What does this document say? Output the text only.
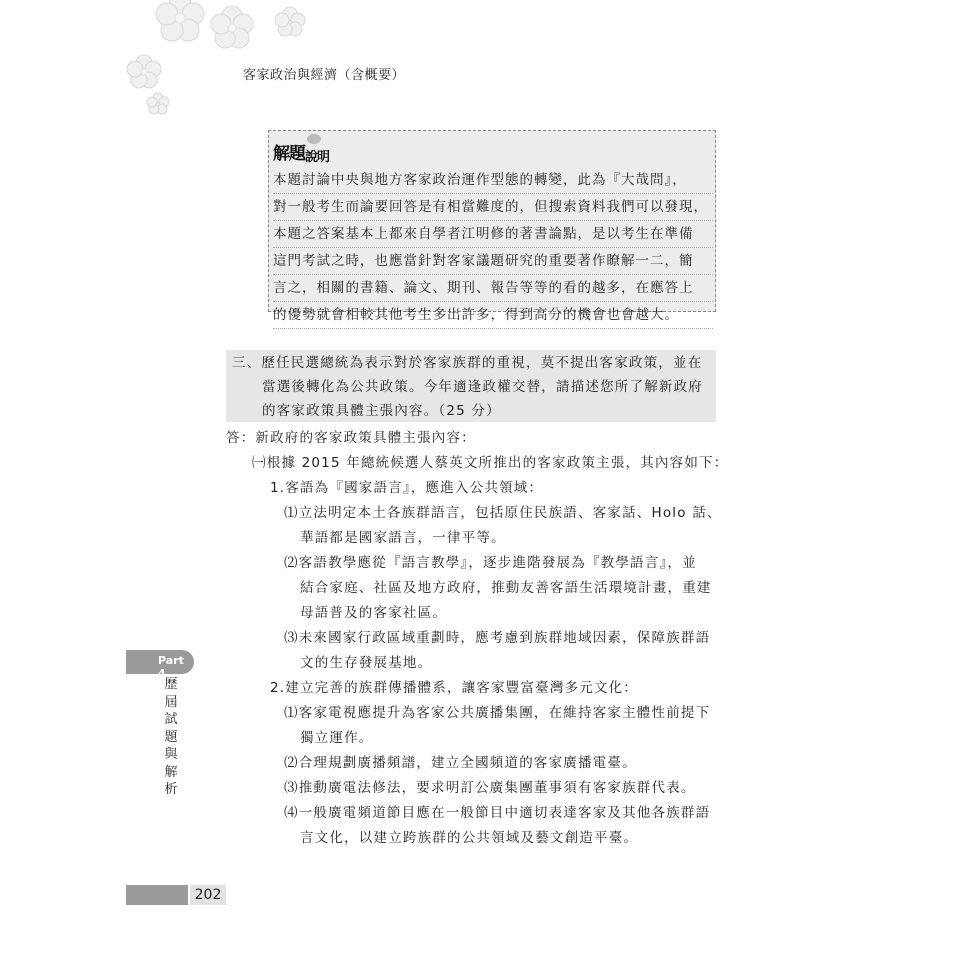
客家政治與經濟（含概要）
解題說明
本題討論中央與地方客家政治運作型態的轉變，此為『大哉問』，
對一般考生而論要回答是有相當難度的，但搜索資料我們可以發現，
本題之答案基本上都來自學者江明修的著書論點，是以考生在準備
這門考試之時，也應當針對客家議題研究的重要著作瞭解一二，簡
言之，相關的書籍、論文、期刊、報告等等的看的越多，在應答上
的優勢就會相較其他考生多出許多，得到高分的機會也會越大。
三、歷任民選總統為表示對於客家族群的重視，莫不提出客家政策，並在
當選後轉化為公共政策。今年適逢政權交替，請描述您所了解新政府
的客家政策具體主張內容。（25 分）
答：新政府的客家政策具體主張內容：
㈠根據 2015 年總統候選人蔡英文所推出的客家政策主張，其內容如下：
1.客語為『國家語言』，應進入公共領域：
⑴立法明定本土各族群語言，包括原住民族語、客家話、Holo 話、
華語都是國家語言，一律平等。
⑵客語教學應從『語言教學』，逐步進階發展為『教學語言』，並
結合家庭、社區及地方政府，推動友善客語生活環境計畫，重建
母語普及的客家社區。
⑶未來國家行政區域重劃時，應考慮到族群地域因素，保障族群語
文的生存發展基地。
2.建立完善的族群傳播體系，讓客家豐富臺灣多元文化：
⑴客家電視應提升為客家公共廣播集團，在維持客家主體性前提下
獨立運作。
⑵合理規劃廣播頻譜，建立全國頻道的客家廣播電臺。
⑶推動廣電法修法，要求明訂公廣集團董事須有客家族群代表。
⑷一般廣電頻道節目應在一般節目中適切表達客家及其他各族群語
言文化，以建立跨族群的公共領域及藝文創造平臺。
Part 4
歷屆試題與解析
202
